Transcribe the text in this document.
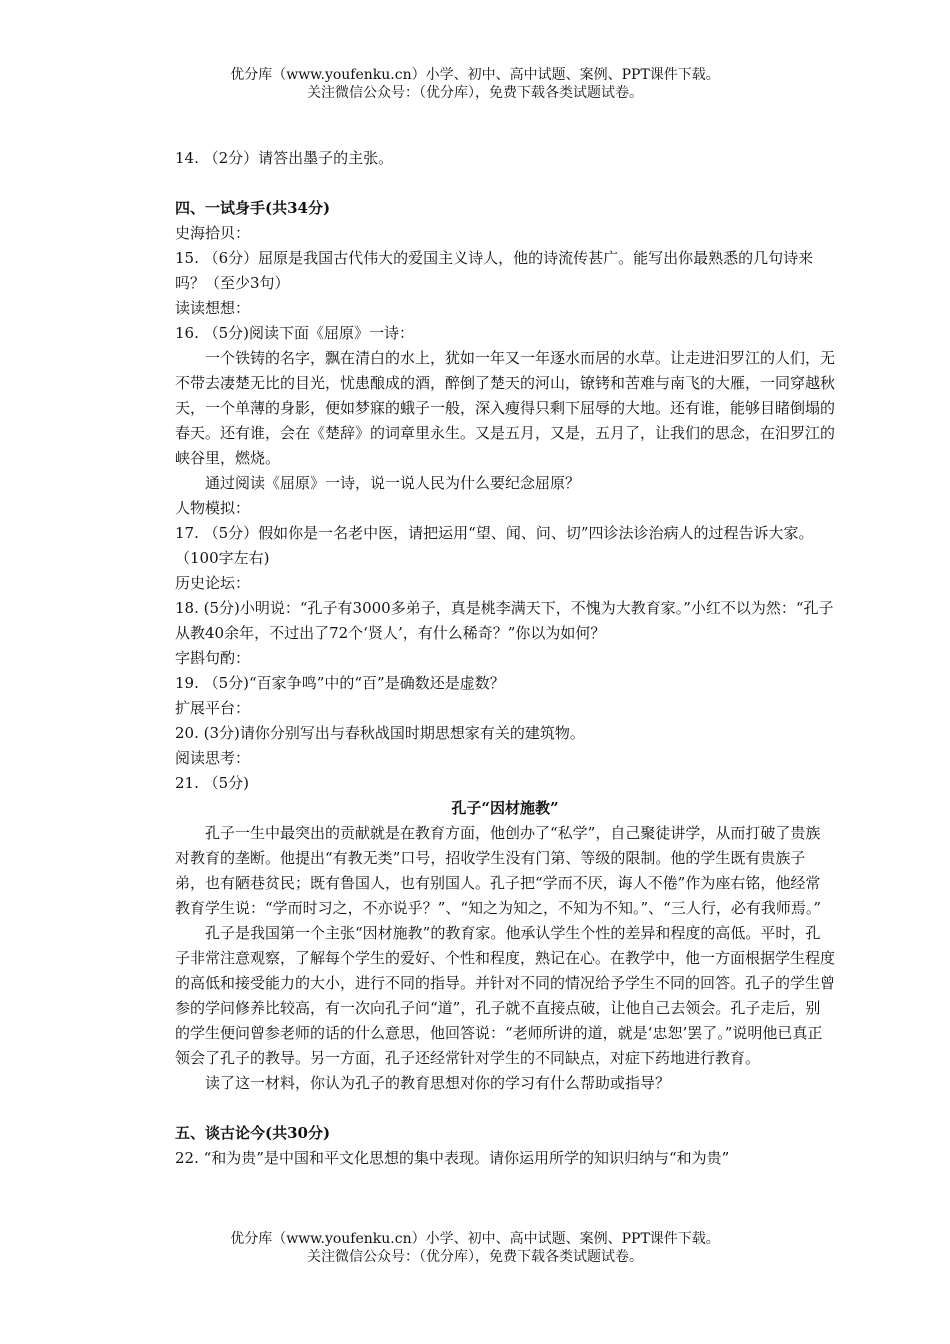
优分库（www.youfenku.cn）小学、初中、高中试题、案例、PPT课件下载。
关注微信公众号：（优分库），免费下载各类试题试卷。

14. （2分）请答出墨子的主张。

四、一试身手(共34分)

史海拾贝：

15. （6分）屈原是我国古代伟大的爱国主义诗人，他的诗流传甚广。能写出你最熟悉的几句诗来吗？（至少3句）

读读想想：

16. （5分)阅读下面《屈原》一诗：

一个铁铸的名字，飘在清白的水上，犹如一年又一年逐水而居的水草。让走进汨罗江的人们，无不带去凄楚无比的目光，忧患酿成的酒，醉倒了楚天的河山，镣铐和苦难与南飞的大雁，一同穿越秋天，一个单薄的身影，便如梦寐的蛾子一般，深入瘦得只剩下屈辱的大地。还有谁，能够目睹倒塌的春天。还有谁，会在《楚辞》的词章里永生。又是五月，又是，五月了，让我们的思念，在汨罗江的峡谷里，燃烧。

通过阅读《屈原》一诗，说一说人民为什么要纪念屈原？

人物模拟：

17. （5分）假如你是一名老中医，请把运用“望、闻、问、切”四诊法诊治病人的过程告诉大家。（100字左右)

历史论坛：

18. (5分)小明说：“孔子有3000多弟子，真是桃李满天下，不愧为大教育家。”小红不以为然：“孔子从教40余年，不过出了72个‘贤人’，有什么稀奇？”你以为如何？

字斟句酌：

19. （5分)“百家争鸣”中的“百”是确数还是虚数？

扩展平台：

20. (3分)请你分别写出与春秋战国时期思想家有关的建筑物。

阅读思考：

21. （5分)

孔子“因材施教”

孔子一生中最突出的贡献就是在教育方面，他创办了“私学”，自己聚徒讲学，从而打破了贵族对教育的垄断。他提出“有教无类”口号，招收学生没有门第、等级的限制。他的学生既有贵族子弟，也有陋巷贫民；既有鲁国人，也有别国人。孔子把“学而不厌，诲人不倦”作为座右铭，他经常教育学生说：“学而时习之，不亦说乎？”、“知之为知之，不知为不知。”、“三人行，必有我师焉。”

孔子是我国第一个主张“因材施教”的教育家。他承认学生个性的差异和程度的高低。平时，孔子非常注意观察，了解每个学生的爱好、个性和程度，熟记在心。在教学中，他一方面根据学生程度的高低和接受能力的大小，进行不同的指导。并针对不同的情况给予学生不同的回答。孔子的学生曾参的学问修养比较高，有一次向孔子问“道”，孔子就不直接点破，让他自己去领会。孔子走后，别的学生便问曾参老师的话的什么意思，他回答说：“老师所讲的道，就是‘忠恕’罢了。”说明他已真正领会了孔子的教导。另一方面，孔子还经常针对学生的不同缺点，对症下药地进行教育。

读了这一材料，你认为孔子的教育思想对你的学习有什么帮助或指导？

五、谈古论今(共30分)

22. “和为贵”是中国和平文化思想的集中表现。请你运用所学的知识归纳与“和为贵”

优分库（www.youfenku.cn）小学、初中、高中试题、案例、PPT课件下载。
关注微信公众号：（优分库），免费下载各类试题试卷。
